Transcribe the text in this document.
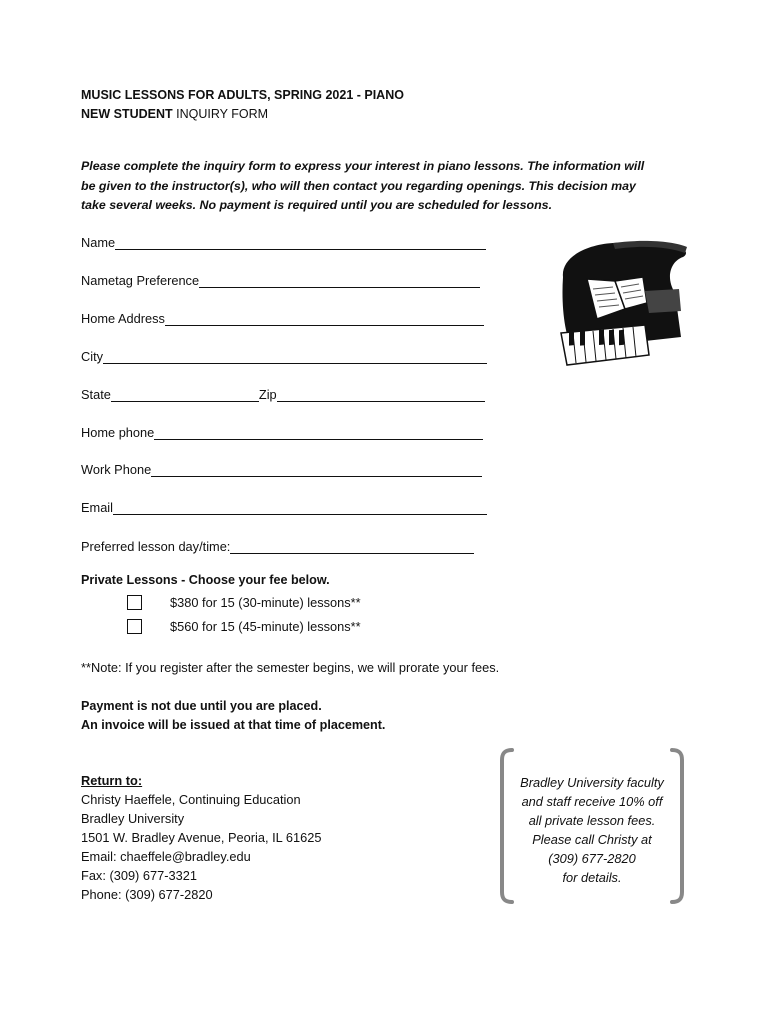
MUSIC LESSONS FOR ADULTS, SPRING 2021 - PIANO
NEW STUDENT INQUIRY FORM
Please complete the inquiry form to express your interest in piano lessons. The information will
be given to the instructor(s), who will then contact you regarding openings. This decision may
take several weeks. No payment is required until you are scheduled for lessons.
Name
Nametag Preference
Home Address
City
State	Zip
Home phone
Work Phone
Email
Preferred lesson day/time:
Private Lessons - Choose your fee below.
$380 for 15 (30-minute) lessons**
$560 for 15 (45-minute) lessons**
**Note: If you register after the semester begins, we will prorate your fees.
Payment is not due until you are placed.
An invoice will be issued at that time of placement.
Return to:
Christy Haeffele, Continuing Education
Bradley University
1501 W. Bradley Avenue, Peoria, IL 61625
Email: chaeffele@bradley.edu
Fax: (309) 677-3321
Phone: (309) 677-2820
Bradley University faculty
and staff receive 10% off
all private lesson fees.
Please call Christy at
(309) 677-2820
for details.
